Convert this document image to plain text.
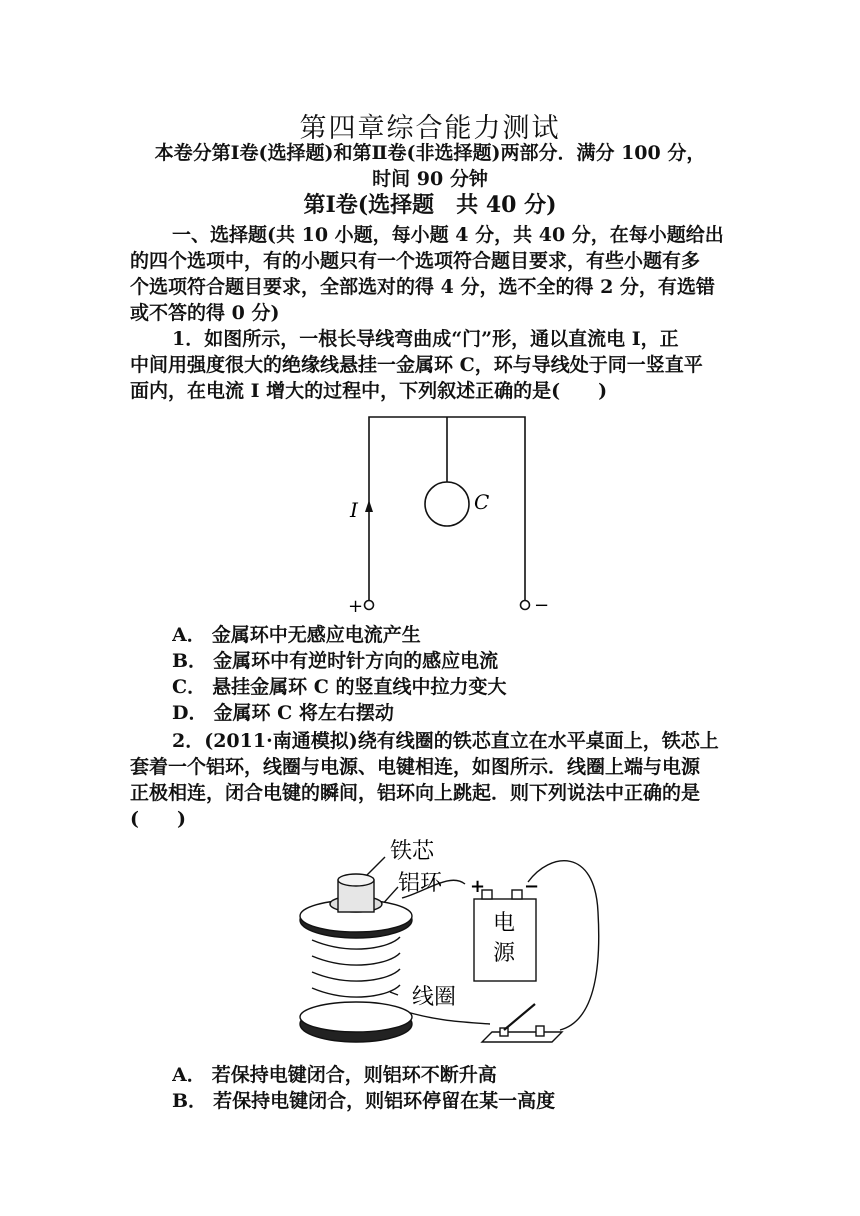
第四章综合能力测试
本卷分第Ⅰ卷(选择题)和第Ⅱ卷(非选择题)两部分．满分 100 分，
时间 90 分钟
第Ⅰ卷(选择题　共 40 分)
一、选择题(共 10 小题，每小题 4 分，共 40 分，在每小题给出
的四个选项中，有的小题只有一个选项符合题目要求，有些小题有多
个选项符合题目要求，全部选对的得 4 分，选不全的得 2 分，有选错
或不答的得 0 分)
1．如图所示，一根长导线弯曲成“门”形，通以直流电 I，正
中间用强度很大的绝缘线悬挂一金属环 C，环与导线处于同一竖直平
面内，在电流 I 增大的过程中，下列叙述正确的是(　　)
I	C
+	−
A． 金属环中无感应电流产生
B． 金属环中有逆时针方向的感应电流
C． 悬挂金属环 C 的竖直线中拉力变大
D． 金属环 C 将左右摆动
2．(2011·南通模拟)绕有线圈的铁芯直立在水平桌面上，铁芯上
套着一个铝环，线圈与电源、电键相连，如图所示．线圈上端与电源
正极相连，闭合电键的瞬间，铝环向上跳起．则下列说法中正确的是
(　　)
铁芯
铝环
线圈
电
源
+ −
A． 若保持电键闭合，则铝环不断升高
B． 若保持电键闭合，则铝环停留在某一高度
